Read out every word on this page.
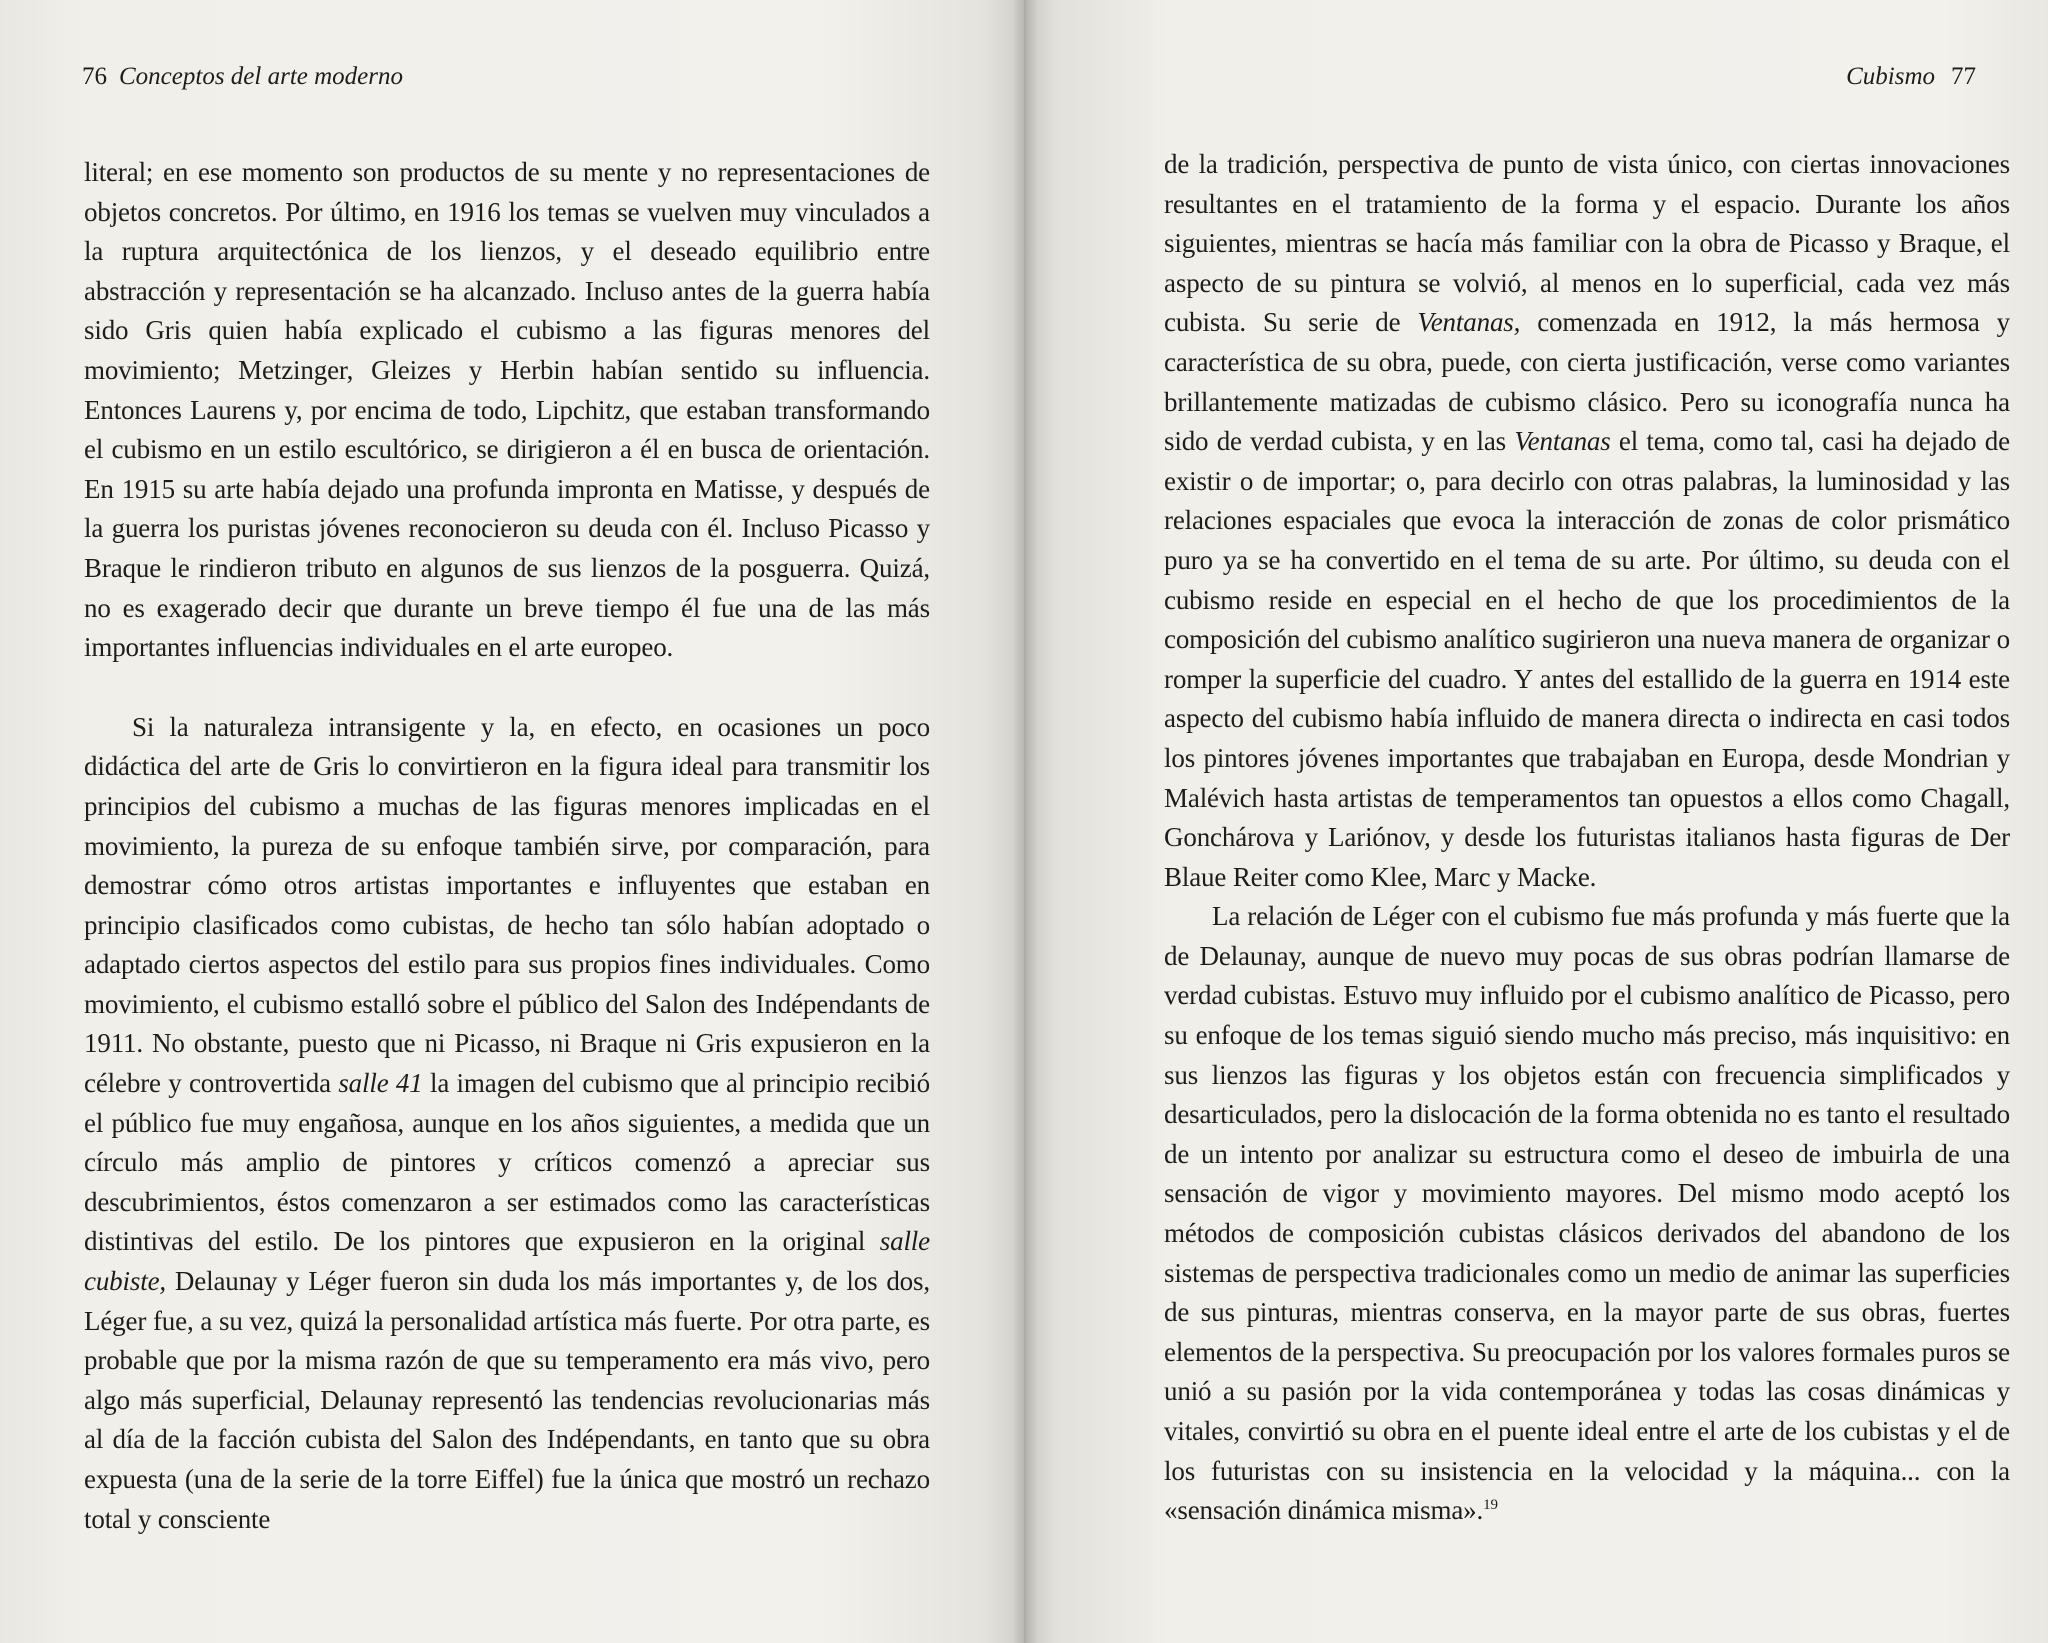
76 Conceptos del arte moderno

literal; en ese momento son productos de su mente y no representaciones de objetos concretos. Por último, en 1916 los temas se vuelven muy vinculados a la ruptura arquitectónica de los lienzos, y el deseado equilibrio entre abstracción y representación se ha alcanzado. Incluso antes de la guerra había sido Gris quien había explicado el cubismo a las figuras menores del movimiento; Metzinger, Gleizes y Herbin habían sentido su influencia. Entonces Laurens y, por encima de todo, Lipchitz, que estaban transformando el cubismo en un estilo escultórico, se dirigieron a él en busca de orientación. En 1915 su arte había dejado una profunda impronta en Matisse, y después de la guerra los puristas jóvenes reconocieron su deuda con él. Incluso Picasso y Braque le rindieron tributo en algunos de sus lienzos de la posguerra. Quizá, no es exagerado decir que durante un breve tiempo él fue una de las más importantes influencias individuales en el arte europeo.

Si la naturaleza intransigente y la, en efecto, en ocasiones un poco didáctica del arte de Gris lo convirtieron en la figura ideal para transmitir los principios del cubismo a muchas de las figuras menores implicadas en el movimiento, la pureza de su enfoque también sirve, por comparación, para demostrar cómo otros artistas importantes e influyentes que estaban en principio clasificados como cubistas, de hecho tan sólo habían adoptado o adaptado ciertos aspectos del estilo para sus propios fines individuales. Como movimiento, el cubismo estalló sobre el público del Salon des Indépendants de 1911. No obstante, puesto que ni Picasso, ni Braque ni Gris expusieron en la célebre y controvertida salle 41 la imagen del cubismo que al principio recibió el público fue muy engañosa, aunque en los años siguientes, a medida que un círculo más amplio de pintores y críticos comenzó a apreciar sus descubrimientos, éstos comenzaron a ser estimados como las características distintivas del estilo. De los pintores que expusieron en la original salle cubiste, Delaunay y Léger fueron sin duda los más importantes y, de los dos, Léger fue, a su vez, quizá la personalidad artística más fuerte. Por otra parte, es probable que por la misma razón de que su temperamento era más vivo, pero algo más superficial, Delaunay representó las tendencias revolucionarias más al día de la facción cubista del Salon des Indépendants, en tanto que su obra expuesta (una de la serie de la torre Eiffel) fue la única que mostró un rechazo total y consciente

Cubismo 77

de la tradición, perspectiva de punto de vista único, con ciertas innovaciones resultantes en el tratamiento de la forma y el espacio. Durante los años siguientes, mientras se hacía más familiar con la obra de Picasso y Braque, el aspecto de su pintura se volvió, al menos en lo superficial, cada vez más cubista. Su serie de Ventanas, comenzada en 1912, la más hermosa y característica de su obra, puede, con cierta justificación, verse como variantes brillantemente matizadas de cubismo clásico. Pero su iconografía nunca ha sido de verdad cubista, y en las Ventanas el tema, como tal, casi ha dejado de existir o de importar; o, para decirlo con otras palabras, la luminosidad y las relaciones espaciales que evoca la interacción de zonas de color prismático puro ya se ha convertido en el tema de su arte. Por último, su deuda con el cubismo reside en especial en el hecho de que los procedimientos de la composición del cubismo analítico sugirieron una nueva manera de organizar o romper la superficie del cuadro. Y antes del estallido de la guerra en 1914 este aspecto del cubismo había influido de manera directa o indirecta en casi todos los pintores jóvenes importantes que trabajaban en Europa, desde Mondrian y Malévich hasta artistas de temperamentos tan opuestos a ellos como Chagall, Gonchárova y Lariónov, y desde los futuristas italianos hasta figuras de Der Blaue Reiter como Klee, Marc y Macke.

La relación de Léger con el cubismo fue más profunda y más fuerte que la de Delaunay, aunque de nuevo muy pocas de sus obras podrían llamarse de verdad cubistas. Estuvo muy influido por el cubismo analítico de Picasso, pero su enfoque de los temas siguió siendo mucho más preciso, más inquisitivo: en sus lienzos las figuras y los objetos están con frecuencia simplificados y desarticulados, pero la dislocación de la forma obtenida no es tanto el resultado de un intento por analizar su estructura como el deseo de imbuirla de una sensación de vigor y movimiento mayores. Del mismo modo aceptó los métodos de composición cubistas clásicos derivados del abandono de los sistemas de perspectiva tradicionales como un medio de animar las superficies de sus pinturas, mientras conserva, en la mayor parte de sus obras, fuertes elementos de la perspectiva. Su preocupación por los valores formales puros se unió a su pasión por la vida contemporánea y todas las cosas dinámicas y vitales, convirtió su obra en el puente ideal entre el arte de los cubistas y el de los futuristas con su insistencia en la velocidad y la máquina... con la «sensación dinámica misma».$^{19}$
